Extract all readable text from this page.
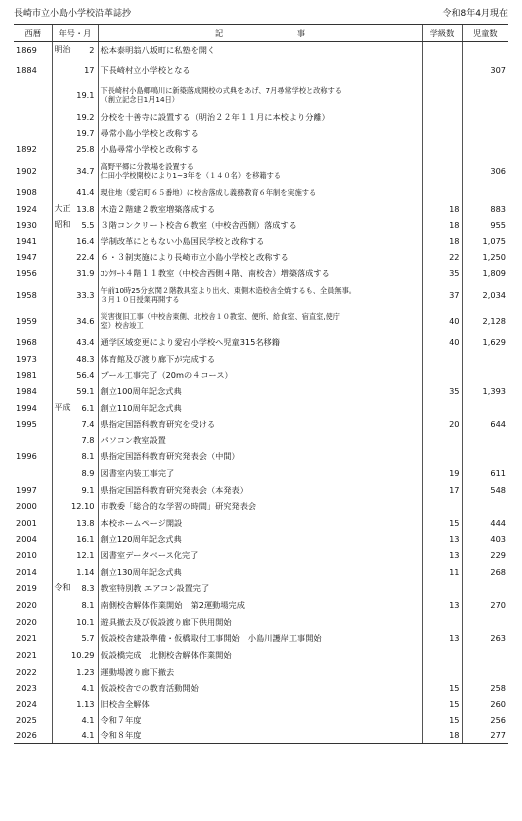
長崎市立小島小学校沿革誌抄	令和8年4月現在
西暦	年号・月	記　　　　　　　　　事	学級数	児童数
1869	明治 2	松本泰明翁八坂町に私塾を開く		

1884	17	下長崎村立小学校となる		307

	19.1	下長崎村小島郷鳴川に新築落成開校の式典をあげ、7月尋常学校と改称する
（創立記念日1月14日）		

	19.2	分校を十善寺に設置する（明治２２年１１月に本校より分離）		

	19.7	尋常小島小学校と改称する		

1892	25.8	小島尋常小学校と改称する		

1902	34.7	高野平郷に分教場を設置する
仁田小学校開校により1~3年を（１４０名）を移籍する		306
1908	41.4	現住地（愛宕町６５番地）に校舎落成し義務教育６年制を実施する		

1924	大正 13.8	木造２階建２教室増築落成する	18	883
1930	昭和 5.5	３階コンクリート校舎６教室（中校舎西側）落成する	18	955
1941	16.4	学制改革にともない小島国民学校と改称する	18	1,075
1947	22.4	６・３制実施により長崎市立小島小学校と改称する	22	1,250
1956	31.9	ｺﾝｸﾘｰﾄ４階１１教室（中校舎西側４階、南校舎）増築落成する	35	1,809
1958	33.3	午前10時25分玄関２階教具室より出火、東側木造校舎全焼するも、全員無事。
３月１０日授業再開する	37	2,034
1959	34.6	災害復旧工事（中校舎東側、北校舎１０教室、便所、給食室、宿直室,使庁
室）校舎竣工	40	2,128
1968	43.4	通学区域変更により愛宕小学校へ児童315名移籍	40	1,629
1973	48.3	体育館及び渡り廊下が完成する		

1981	56.4	プール工事完了（20mの４コース）		

1984	59.1	創立100周年記念式典	35	1,393
1994	平成 6.1	創立110周年記念式典		

1995	7.4	県指定国語科教育研究を受ける	20	644

	7.8	パソコン教室設置		

1996	8.1	県指定国語科教育研究発表会（中間）		

	8.9	図書室内装工事完了	19	611
1997	9.1	県指定国語科教育研究発表会（本発表）	17	548
2000	12.10	市教委「総合的な学習の時間」研究発表会		

2001	13.8	本校ホームページ開設	15	444
2004	16.1	創立120周年記念式典	13	403
2010	12.1	図書室データベース化完了	13	229
2014	1.14	創立130周年記念式典	11	268
2019	令和 8.3	教室特別教 エアコン設置完了		

2020	8.1	南側校舎解体作業開始　第2運動場完成	13	270
2020	10.1	遊具撤去及び仮設渡り廊下供用開始		

2021	5.7	仮設校舎建設準備・仮橋取付工事開始　小島川護岸工事開始	13	263
2021	10.29	仮設橋完成　北側校舎解体作業開始		

2022	1.23	運動場渡り廊下撤去		

2023	4.1	仮設校舎での教育活動開始	15	258
2024	1.13	旧校舎全解体	15	260
2025	4.1	令和７年度	15	256
2026	4.1	令和８年度	18	277
